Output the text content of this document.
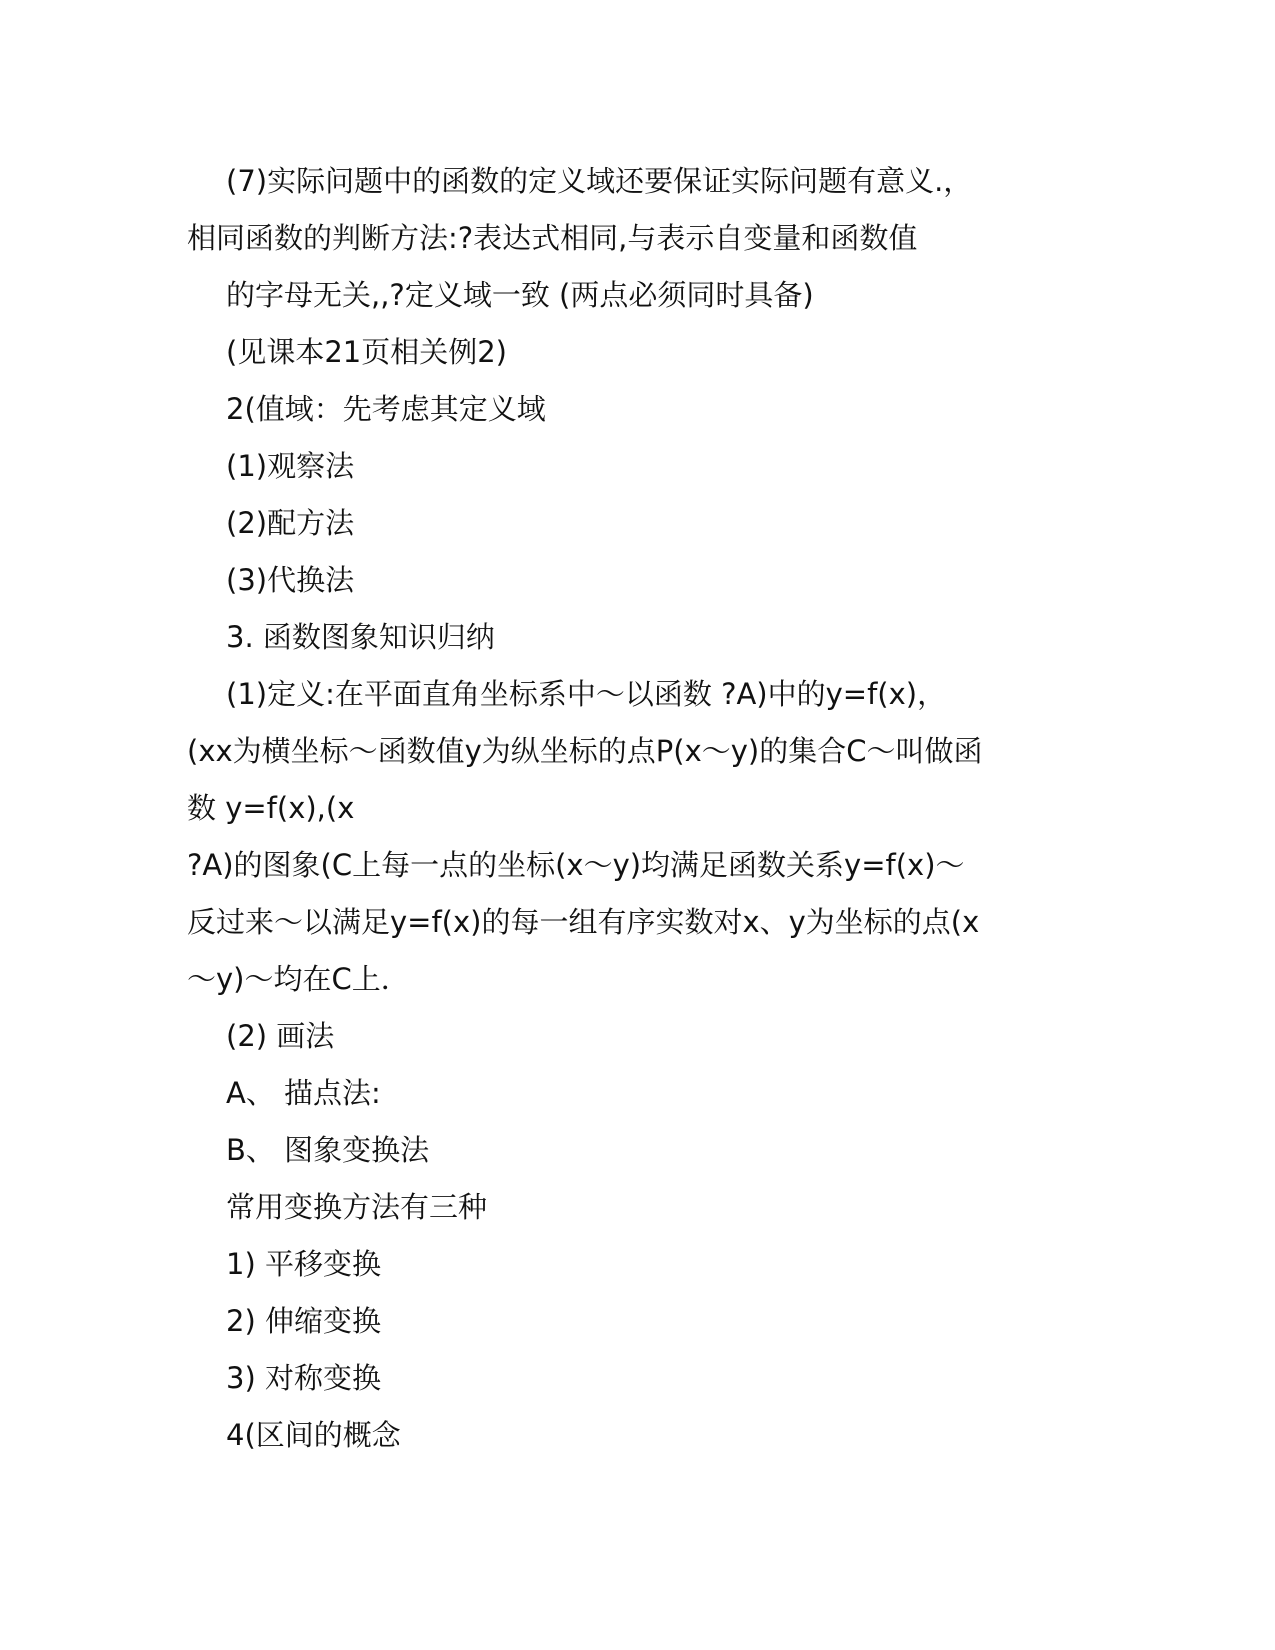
(7)实际问题中的函数的定义域还要保证实际问题有意义.，

相同函数的判断方法:?表达式相同,与表示自变量和函数值

的字母无关,,?定义域一致 (两点必须同时具备)

(见课本21页相关例2)

2(值域：先考虑其定义域

(1)观察法

(2)配方法

(3)代换法

3. 函数图象知识归纳

(1)定义:在平面直角坐标系中～以函数 ?A)中的y=f(x)，

(xx为横坐标～函数值y为纵坐标的点P(x～y)的集合C～叫做函

数 y=f(x),(x

?A)的图象(C上每一点的坐标(x～y)均满足函数关系y=f(x)～

反过来～以满足y=f(x)的每一组有序实数对x、y为坐标的点(x

～y)～均在C上．

(2) 画法

A、 描点法:

B、 图象变换法

常用变换方法有三种

1) 平移变换

2) 伸缩变换

3) 对称变换

4(区间的概念
